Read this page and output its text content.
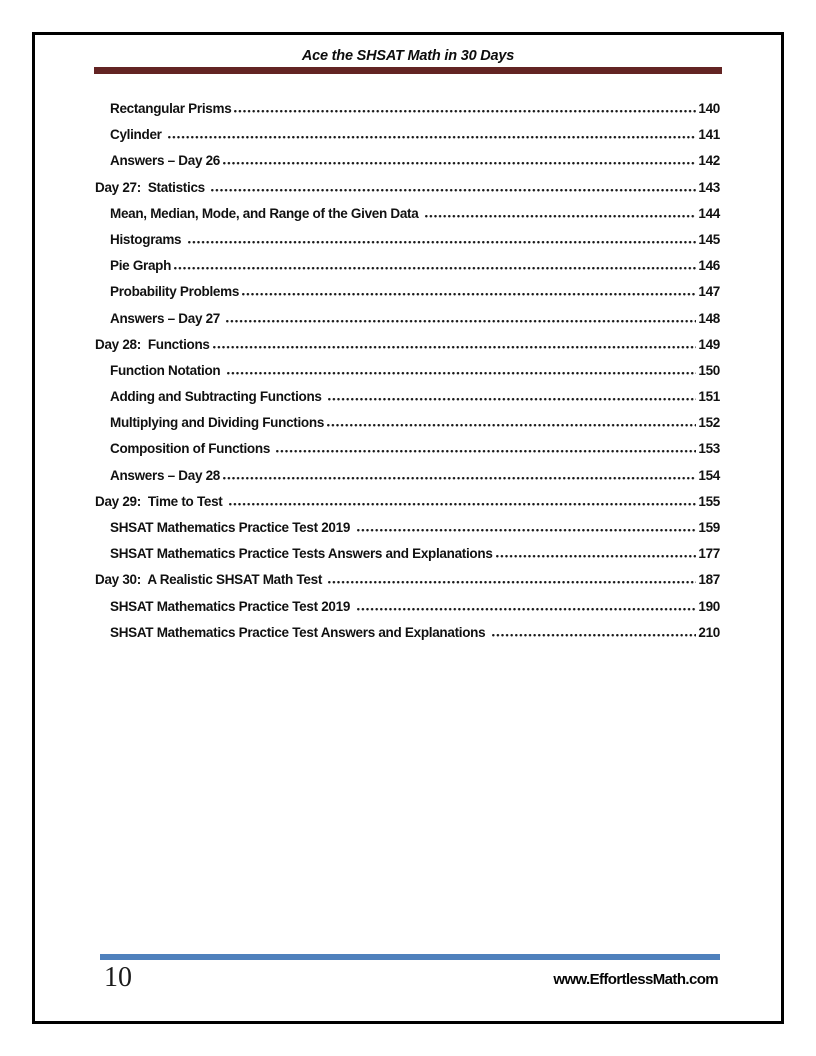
Ace the SHSAT Math in 30 Days
Rectangular Prisms	140
Cylinder	141
Answers – Day 26	142
Day 27:  Statistics	143
Mean, Median, Mode, and Range of the Given Data	144
Histograms	145
Pie Graph	146
Probability Problems	147
Answers – Day 27	148
Day 28:  Functions	149
Function Notation	150
Adding and Subtracting Functions	151
Multiplying and Dividing Functions	152
Composition of Functions	153
Answers – Day 28	154
Day 29:  Time to Test	155
SHSAT Mathematics Practice Test 2019	159
SHSAT Mathematics Practice Tests Answers and Explanations	177
Day 30:  A Realistic SHSAT Math Test	187
SHSAT Mathematics Practice Test 2019	190
SHSAT Mathematics Practice Test Answers and Explanations	210
10	www.EffortlessMath.com
